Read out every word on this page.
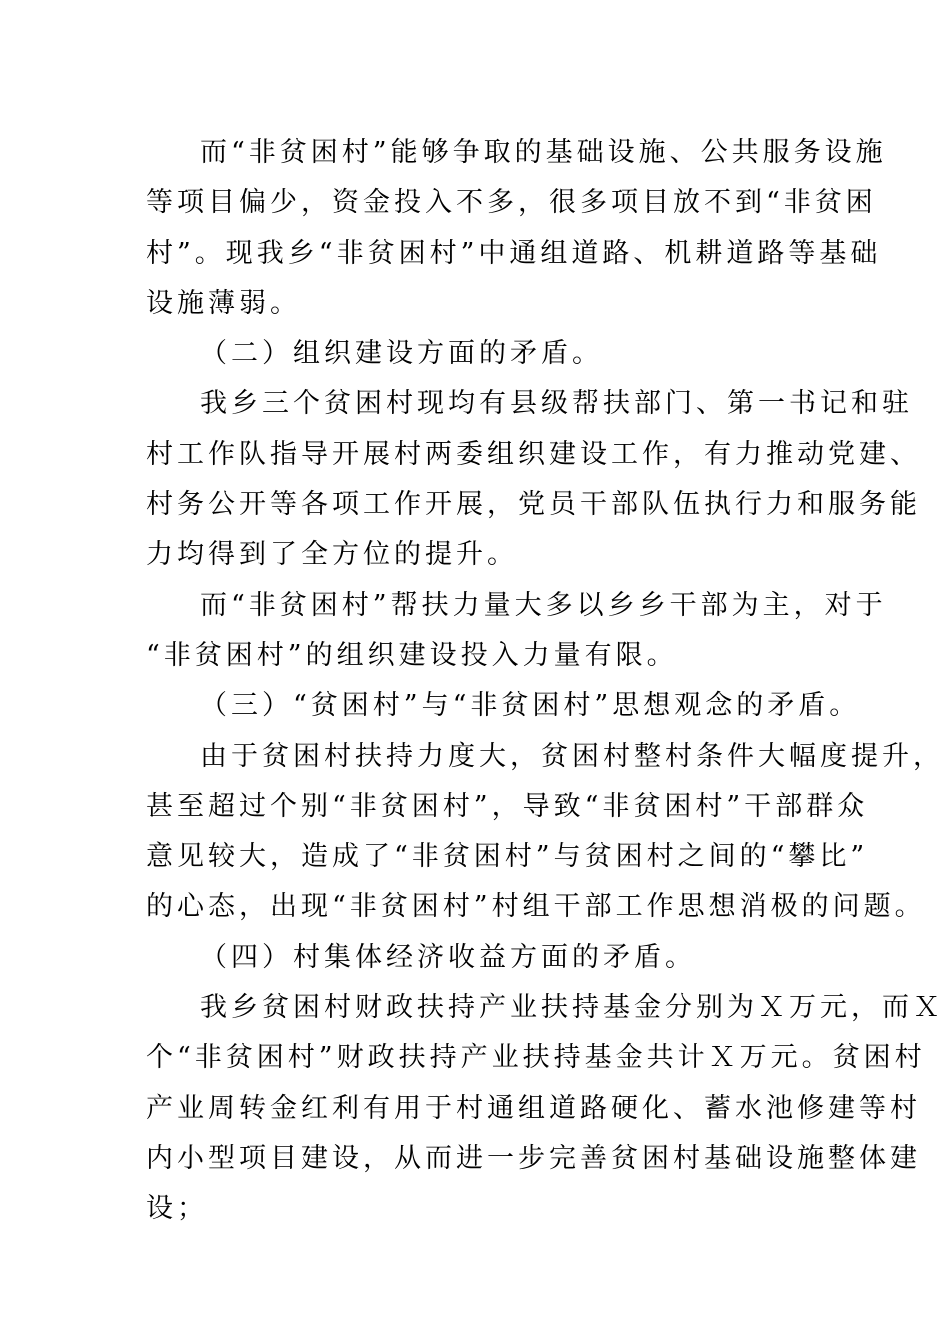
而“非贫困村”能够争取的基础设施、公共服务设施
等项目偏少，资金投入不多，很多项目放不到“非贫困
村”。现我乡“非贫困村”中通组道路、机耕道路等基础
设施薄弱。
（二）组织建设方面的矛盾。
我乡三个贫困村现均有县级帮扶部门、第一书记和驻
村工作队指导开展村两委组织建设工作，有力推动党建、
村务公开等各项工作开展，党员干部队伍执行力和服务能
力均得到了全方位的提升。
而“非贫困村”帮扶力量大多以乡乡干部为主，对于
“非贫困村”的组织建设投入力量有限。
（三）“贫困村”与“非贫困村”思想观念的矛盾。
由于贫困村扶持力度大，贫困村整村条件大幅度提升，
甚至超过个别“非贫困村”，导致“非贫困村”干部群众
意见较大，造成了“非贫困村”与贫困村之间的“攀比”
的心态，出现“非贫困村”村组干部工作思想消极的问题。
（四）村集体经济收益方面的矛盾。
我乡贫困村财政扶持产业扶持基金分别为Ｘ万元，而Ｘ
个“非贫困村”财政扶持产业扶持基金共计Ｘ万元。贫困村
产业周转金红利有用于村通组道路硬化、蓄水池修建等村
内小型项目建设，从而进一步完善贫困村基础设施整体建
设；
